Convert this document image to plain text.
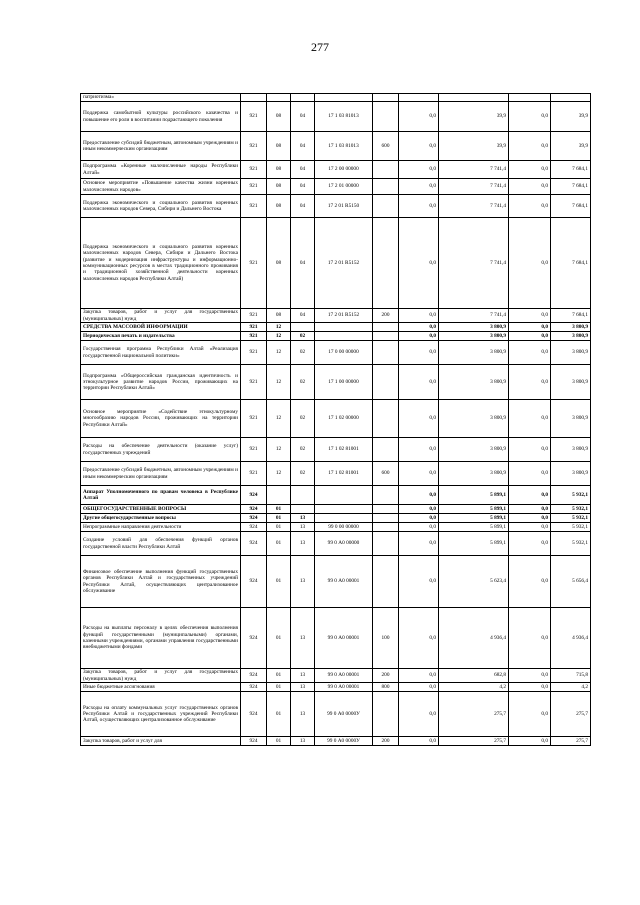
277
патриотизма»									
Поддержка самобытной культуры российского казачества и повышение его роли в воспитании подрастающего поколения	921	08	04	17 1 03 81013		0,0	39,9	0,0	39,9
Предоставление субсидий бюджетным, автономным учреждениям и иным некоммерческим организациям	921	08	04	17 1 03 81013	600	0,0	39,9	0,0	39,9
Подпрограмма «Коренные малочисленные народы Республики Алтай»	921	08	04	17 2 00 00000		0,0	7 741,4	0,0	7 684,1
Основное мероприятие «Повышение качества жизни коренных малочисленных народов»	921	08	04	17 2 01 00000		0,0	7 741,4	0,0	7 684,1
Поддержка экономического и социального развития коренных малочисленных народов Севера, Сибири и Дальнего Востока	921	08	04	17 2 01 R5150		0,0	7 741,4	0,0	7 684,1
Поддержка экономического и социального развития коренных малочисленных народов Севера, Сибири и Дальнего Востока (развитие и модернизация инфраструктуры и информационно-коммуникационных ресурсов в местах традиционного проживания и традиционной хозяйственной деятельности коренных малочисленных народов Республики Алтай)	921	08	04	17 2 01 R5152		0,0	7 741,4	0,0	7 684,1
Закупка товаров, работ и услуг для государственных (муниципальных) нужд	921	08	04	17 2 01 R5152	200	0,0	7 741,4	0,0	7 684,1
СРЕДСТВА МАССОВОЙ ИНФОРМАЦИИ	921	12				0,0	3 800,9	0,0	3 800,9
Периодическая печать и издательства	921	12	02			0,0	3 800,9	0,0	3 800,9
Государственная программа Республики Алтай «Реализация государственной национальной политики»	921	12	02	17 0 00 00000		0,0	3 800,9	0,0	3 800,9
Подпрограмма «Общероссийская гражданская идентичность и этнокультурное развитие народов России, проживающих на территории Республики Алтай»	921	12	02	17 1 00 00000		0,0	3 800,9	0,0	3 800,9
Основное мероприятие «Содействие этнокультурному многообразию народов России, проживающих на территории Республики Алтай»	921	12	02	17 1 02 00000		0,0	3 800,9	0,0	3 800,9
Расходы на обеспечение деятельности (оказание услуг) государственных учреждений	921	12	02	17 1 02 81001		0,0	3 800,9	0,0	3 800,9
Предоставление субсидий бюджетным, автономным учреждениям и иным некоммерческим организациям	921	12	02	17 1 02 81001	600	0,0	3 800,9	0,0	3 800,9
Аппарат Уполномоченного по правам человека в Республике Алтай	924					0,0	5 899,1	0,0	5 932,1
ОБЩЕГОСУДАРСТВЕННЫЕ ВОПРОСЫ	924	01				0,0	5 899,1	0,0	5 932,1
Другие общегосударственные вопросы	924	01	13			0,0	5 899,1	0,0	5 932,1
Непрограммные направления деятельности	924	01	13	99 0 00 00000		0,0	5 899,1	0,0	5 932,1
Создание условий для обеспечения функций органов государственной власти Республики Алтай	924	01	13	99 0 А0 00000		0,0	5 899,1	0,0	5 932,1
Финансовое обеспечение выполнения функций государственных органов Республики Алтай и государственных учреждений Республики Алтай, осуществляющих централизованное обслуживание	924	01	13	99 0 А0 00001		0,0	5 623,4	0,0	5 656,4
Расходы на выплаты персоналу в целях обеспечения выполнения функций государственными (муниципальными) органами, казенными учреждениями, органами управления государственными внебюджетными фондами	924	01	13	99 0 А0 00001	100	0,0	4 936,4	0,0	4 936,4
Закупка товаров, работ и услуг для государственных (муниципальных) нужд	924	01	13	99 0 А0 00001	200	0,0	682,8	0,0	715,8
Иные бюджетные ассигнования	924	01	13	99 0 А0 00001	800	0,0	4,2	0,0	4,2
Расходы на оплату коммунальных услуг государственных органов Республики Алтай и государственных учреждений Республики Алтай, осуществляющих централизованное обслуживание	924	01	13	99 0 А0 0000У		0,0	275,7	0,0	275,7
Закупка товаров, работ и услуг для	924	01	13	99 0 А0 0000У	200	0,0	275,7	0,0	275,7
